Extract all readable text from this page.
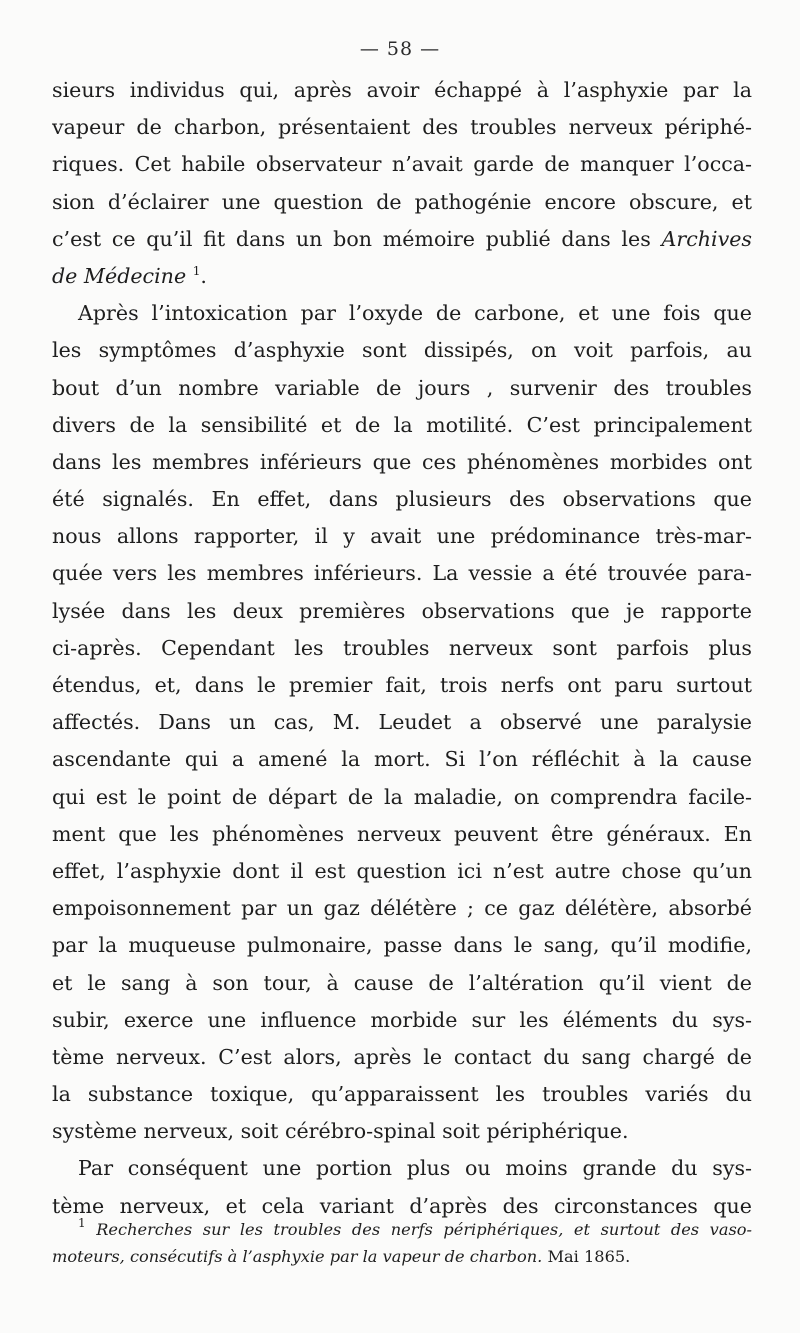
— 58 —
sieurs individus qui, après avoir échappé à l’asphyxie par la
vapeur de charbon, présentaient des troubles nerveux périphé-
riques. Cet habile observateur n’avait garde de manquer l’occa-
sion d’éclairer une question de pathogénie encore obscure, et
c’est ce qu’il fit dans un bon mémoire publié dans les Archives
de Médecine $^1$.
Après l’intoxication par l’oxyde de carbone, et une fois que
les symptômes d’asphyxie sont dissipés, on voit parfois, au
bout d’un nombre variable de jours , survenir des troubles
divers de la sensibilité et de la motilité. C’est principalement
dans les membres inférieurs que ces phénomènes morbides ont
été signalés. En effet, dans plusieurs des observations que
nous allons rapporter, il y avait une prédominance très-mar-
quée vers les membres inférieurs. La vessie a été trouvée para-
lysée dans les deux premières observations que je rapporte
ci-après. Cependant les troubles nerveux sont parfois plus
étendus, et, dans le premier fait, trois nerfs ont paru surtout
affectés. Dans un cas, M. Leudet a observé une paralysie
ascendante qui a amené la mort. Si l’on réfléchit à la cause
qui est le point de départ de la maladie, on comprendra facile-
ment que les phénomènes nerveux peuvent être généraux. En
effet, l’asphyxie dont il est question ici n’est autre chose qu’un
empoisonnement par un gaz délétère ; ce gaz délétère, absorbé
par la muqueuse pulmonaire, passe dans le sang, qu’il modifie,
et le sang à son tour, à cause de l’altération qu’il vient de
subir, exerce une influence morbide sur les éléments du sys-
tème nerveux. C’est alors, après le contact du sang chargé de
la substance toxique, qu’apparaissent les troubles variés du
système nerveux, soit cérébro-spinal soit périphérique.
Par conséquent une portion plus ou moins grande du sys-
tème nerveux, et cela variant d’après des circonstances que
$^1$ Recherches sur les troubles des nerfs périphériques, et surtout des vaso-
moteurs, consécutifs à l’asphyxie par la vapeur de charbon. Mai 1865.
